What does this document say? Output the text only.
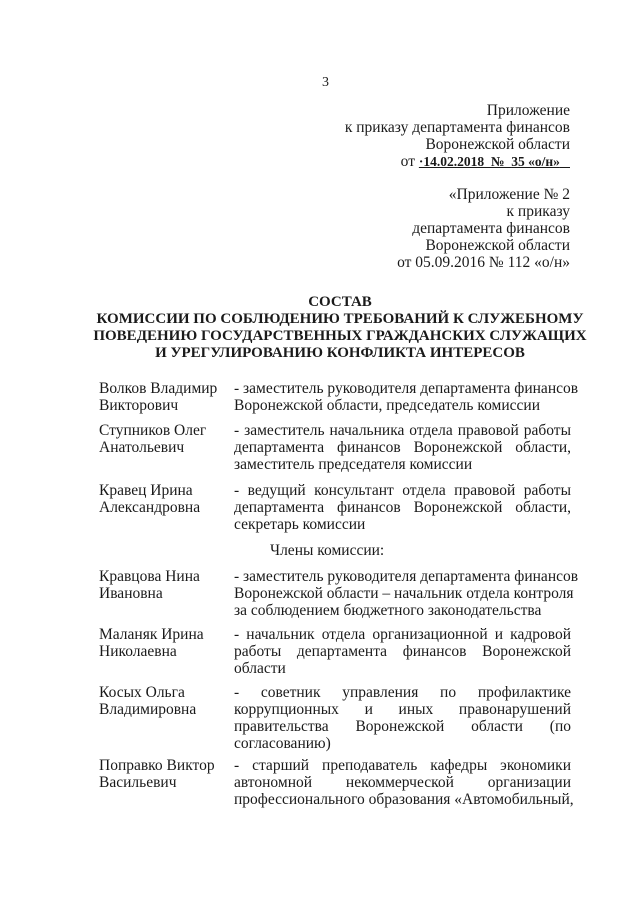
3
Приложение
к приказу департамента финансов
Воронежской области
от ·14.02.2018_№_35 «о/н»
«Приложение № 2
к приказу
департамента финансов
Воронежской области
от 05.09.2016 № 112 «о/н»
СОСТАВ
КОМИССИИ ПО СОБЛЮДЕНИЮ ТРЕБОВАНИЙ К СЛУЖЕБНОМУ
ПОВЕДЕНИЮ ГОСУДАРСТВЕННЫХ ГРАЖДАНСКИХ СЛУЖАЩИХ
И УРЕГУЛИРОВАНИЮ КОНФЛИКТА ИНТЕРЕСОВ
Волков Владимир
Викторович
- заместитель руководителя департамента финансов
Воронежской области, председатель комиссии
Ступников Олег
Анатольевич
- заместитель начальника отдела правовой работы
департамента финансов Воронежской области,
заместитель председателя комиссии
Кравец Ирина
Александровна
- ведущий консультант отдела правовой работы
департамента финансов Воронежской области,
секретарь комиссии
Члены комиссии:
Кравцова Нина
Ивановна
- заместитель руководителя департамента финансов
Воронежской области – начальник отдела контроля
за соблюдением бюджетного законодательства
Маланяк Ирина
Николаевна
- начальник отдела организационной и кадровой
работы департамента финансов Воронежской
области
Косых Ольга
Владимировна
- советник управления по профилактике
коррупционных и иных правонарушений
правительства Воронежской области (по
согласованию)
Поправко Виктор
Васильевич
- старший преподаватель кафедры экономики
автономной некоммерческой организации
профессионального образования «Автомобильный,
